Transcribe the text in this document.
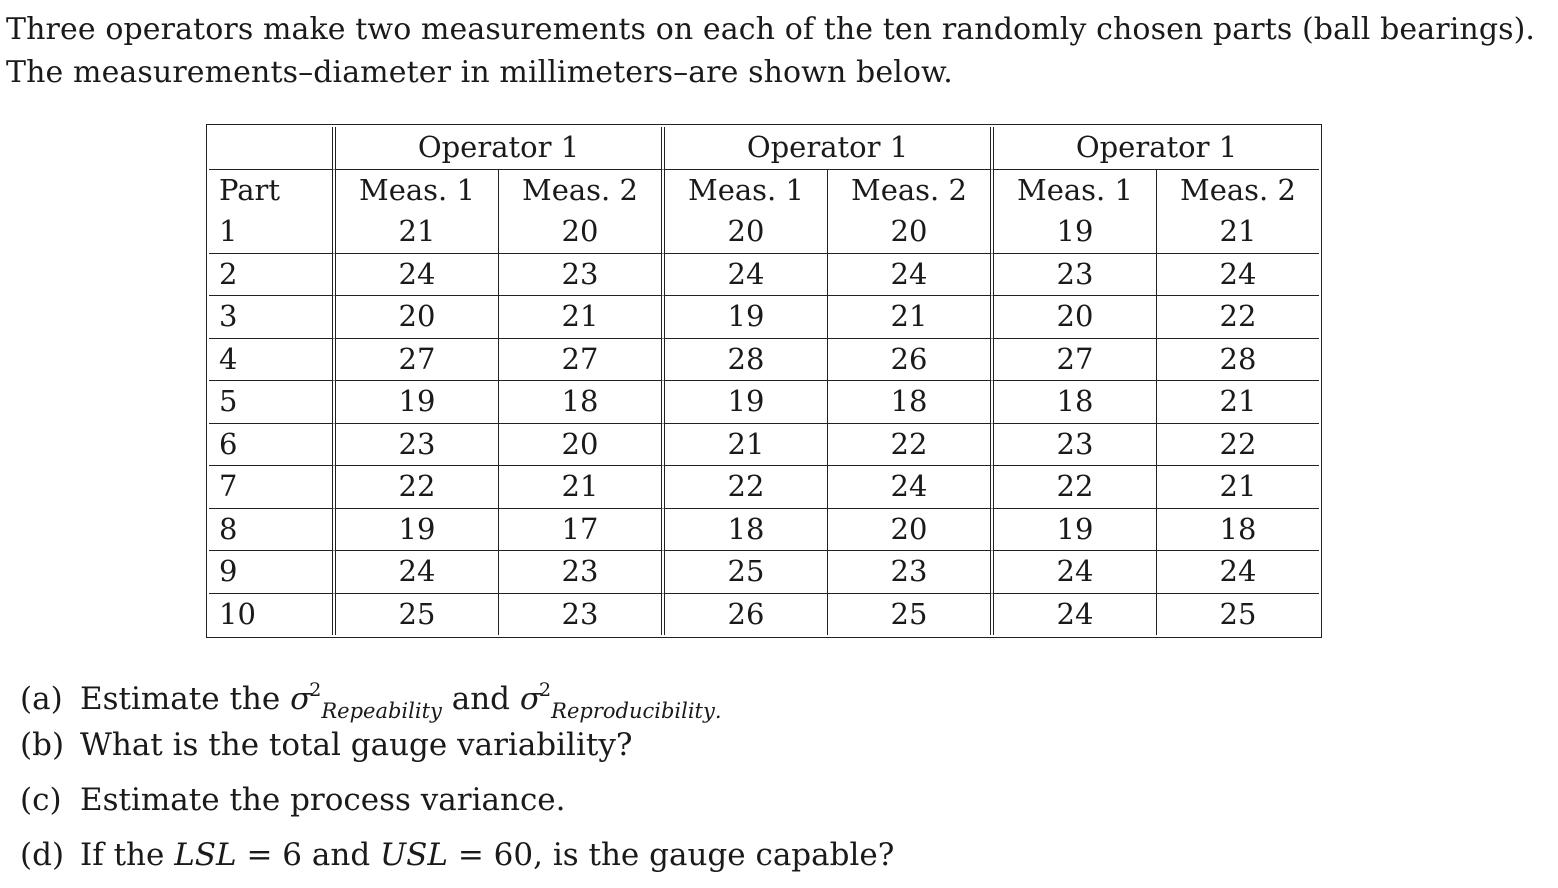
Three operators make two measurements on each of the ten randomly chosen parts (ball bearings). The measurements–diameter in millimeters–are shown below.

	Operator 1		Operator 1		Operator 1	
Part	Meas. 1	Meas. 2	Meas. 1	Meas. 2	Meas. 1	Meas. 2
1	21	20	20	20	19	21
2	24	23	24	24	23	24
3	20	21	19	21	20	22
4	27	27	28	26	27	28
5	19	18	19	18	18	21
6	23	20	21	22	23	22
7	22	21	22	24	22	21
8	19	17	18	20	19	18
9	24	23	25	23	24	24
10	25	23	26	25	24	25
(a) Estimate the $\sigma^2_{Repeability}$ and $\sigma^2_{Reproducibility.}$
(b) What is the total gauge variability?
(c) Estimate the process variance.
(d) If the LSL = 6 and USL = 60, is the gauge capable?
